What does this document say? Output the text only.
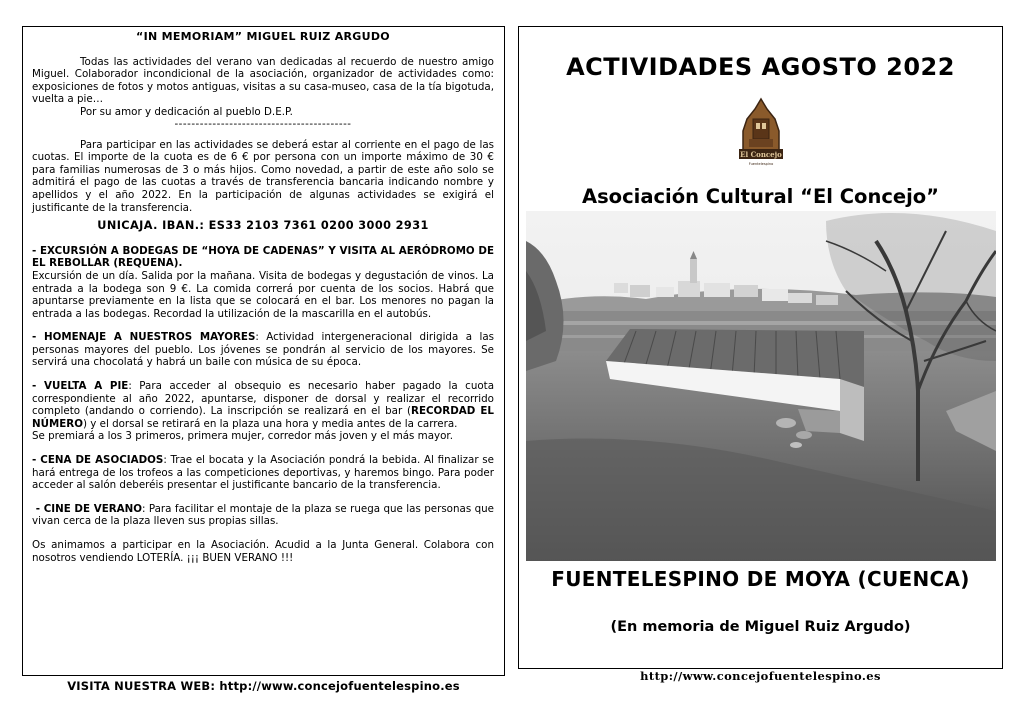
“IN MEMORIAM” MIGUEL RUIZ ARGUDO

Todas las actividades del verano van dedicadas al recuerdo de nuestro amigo Miguel. Colaborador incondicional de la asociación, organizador de actividades como: exposiciones de fotos y motos antiguas, visitas a su casa-museo, casa de la tía bigotuda, vuelta a pie…

Por su amor y dedicación al pueblo D.E.P.

------------------------------------------

Para participar en las actividades se deberá estar al corriente en el pago de las cuotas. El importe de la cuota es de 6 € por persona con un importe máximo de 30 € para familias numerosas de 3 o más hijos. Como novedad, a partir de este año solo se admitirá el pago de las cuotas a través de transferencia bancaria indicando nombre y apellidos y el año 2022. En la participación de algunas actividades se exigirá el justificante de la transferencia.

UNICAJA. IBAN.: ES33 2103 7361 0200 3000 2931

- EXCURSIÓN A BODEGAS DE “HOYA DE CADENAS” Y VISITA AL AERÓDROMO DE EL REBOLLAR (REQUENA).
Excursión de un día. Salida por la mañana. Visita de bodegas y degustación de vinos. La entrada a la bodega son 9 €. La comida correrá por cuenta de los socios. Habrá que apuntarse previamente en la lista que se colocará en el bar. Los menores no pagan la entrada a las bodegas. Recordad la utilización de la mascarilla en el autobús.

- HOMENAJE A NUESTROS MAYORES: Actividad intergeneracional dirigida a las personas mayores del pueblo. Los jóvenes se pondrán al servicio de los mayores. Se servirá una chocolatá y habrá un baile con música de su época.

- VUELTA A PIE: Para acceder al obsequio es necesario haber pagado la cuota correspondiente al año 2022, apuntarse, disponer de dorsal y realizar el recorrido completo (andando o corriendo). La inscripción se realizará en el bar (RECORDAD EL NÚMERO) y el dorsal se retirará en la plaza una hora y media antes de la carrera.

Se premiará a los 3 primeros, primera mujer, corredor más joven y el más mayor.

- CENA DE ASOCIADOS: Trae el bocata y la Asociación pondrá la bebida. Al finalizar se hará entrega de los trofeos a las competiciones deportivas, y haremos bingo. Para poder acceder al salón deberéis presentar el justificante bancario de la transferencia.

- CINE DE VERANO: Para facilitar el montaje de la plaza se ruega que las personas que vivan cerca de la plaza lleven sus propias sillas.

Os animamos a participar en la Asociación. Acudid a la Junta General. Colabora con nosotros vendiendo LOTERÍA. ¡¡¡ BUEN VERANO !!!

VISITA NUESTRA WEB: http://www.concejofuentelespino.es
ACTIVIDADES AGOSTO 2022
El Concejo
Fuentelespino
Asociación Cultural “El Concejo”
FUENTELESPINO DE MOYA (CUENCA)
(En memoria de Miguel Ruiz Argudo)
http://www.concejofuentelespino.es
